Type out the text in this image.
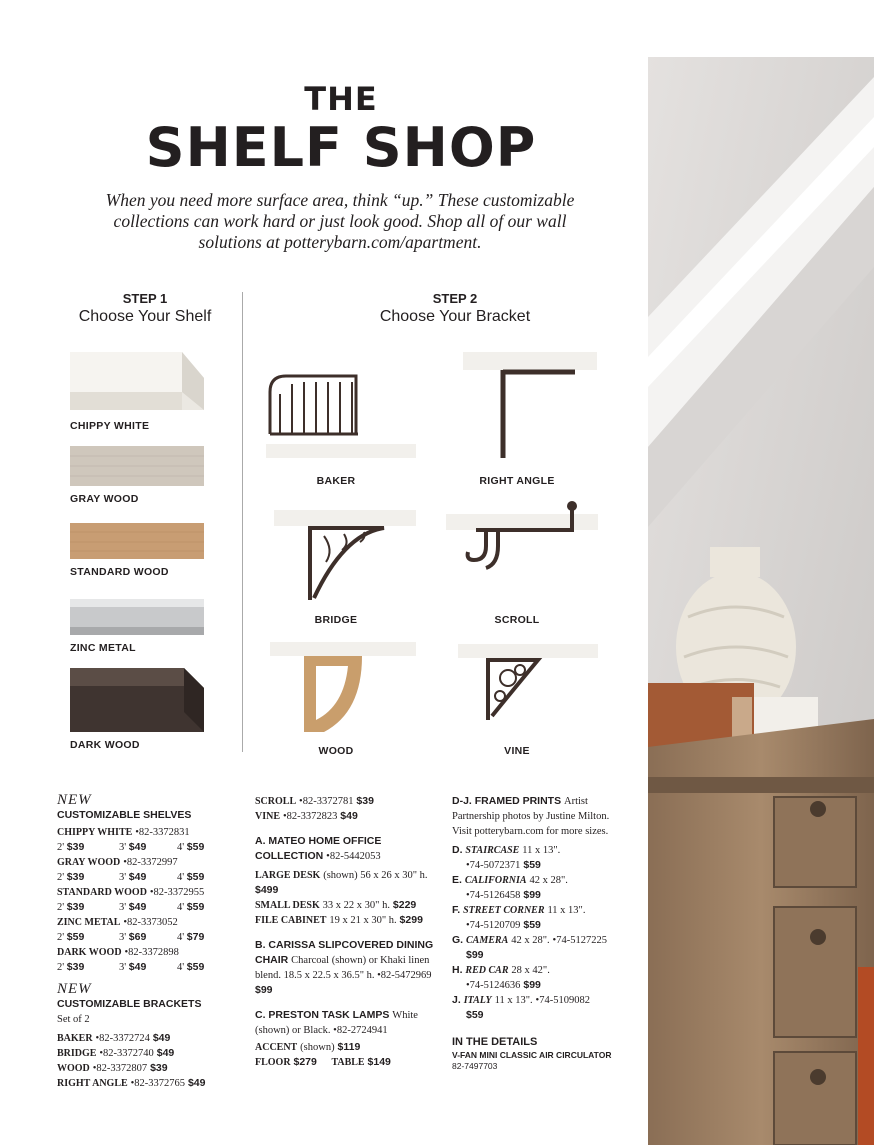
THE
SHELF SHOP
When you need more surface area, think “up.” These customizable collections can work hard or just look good. Shop all of our wall solutions at potterybarn.com/apartment.
STEP 1
Choose Your Shelf
STEP 2
Choose Your Bracket
CHIPPY WHITE
GRAY WOOD
STANDARD WOOD
ZINC METAL
DARK WOOD
BAKER	RIGHT ANGLE
BRIDGE	SCROLL
WOOD	VINE
NEW
CUSTOMIZABLE SHELVES
CHIPPY WHITE •82-3372831
2' $39	3' $49	4' $59
GRAY WOOD •82-3372997
2' $39	3' $49	4' $59
STANDARD WOOD •82-3372955
2' $39	3' $49	4' $59
ZINC METAL •82-3373052
2' $59	3' $69	4' $79
DARK WOOD •82-3372898
2' $39	3' $49	4' $59
NEW
CUSTOMIZABLE BRACKETS
Set of 2
BAKER •82-3372724 $49
BRIDGE •82-3372740 $49
WOOD •82-3372807 $39
RIGHT ANGLE •82-3372765 $49
SCROLL •82-3372781 $39
VINE •82-3372823 $49
A. MATEO HOME OFFICE COLLECTION •82-5442053
LARGE DESK (shown) 56 x 26 x 30" h. $499
SMALL DESK 33 x 22 x 30" h. $229
FILE CABINET 19 x 21 x 30" h. $299
B. CARISSA SLIPCOVERED DINING CHAIR Charcoal (shown) or Khaki linen blend. 18.5 x 22.5 x 36.5" h. •82-5472969 $99
C. PRESTON TASK LAMPS White (shown) or Black. •82-2724941
ACCENT (shown) $119
FLOOR $279 TABLE $149
D-J. FRAMED PRINTS Artist Partnership photos by Justine Milton. Visit potterybarn.com for more sizes.
D. STAIRCASE 11 x 13".
•74-5072371 $59
E. CALIFORNIA 42 x 28".
•74-5126458 $99
F. STREET CORNER 11 x 13".
•74-5120709 $59
G. CAMERA 42 x 28". •74-5127225
$99
H. RED CAR 28 x 42".
•74-5124636 $99
J. ITALY 11 x 13". •74-5109082
$59
IN THE DETAILS
V-FAN MINI CLASSIC AIR CIRCULATOR
82-7497703
